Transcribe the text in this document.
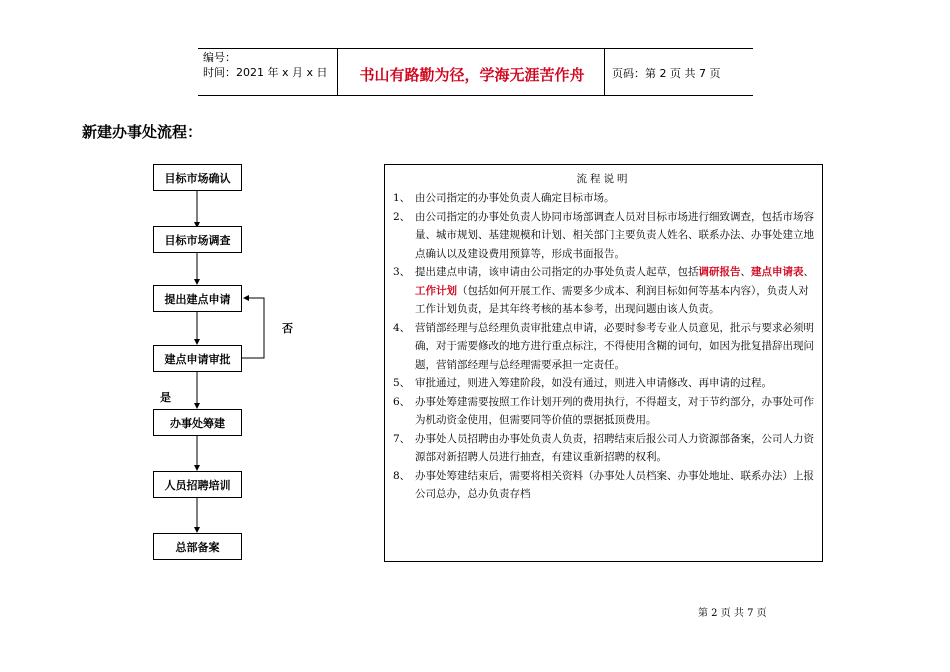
编号：
时间：2021 年 x 月 x 日	书山有路勤为径，学海无涯苦作舟	页码：第 2 页 共 7 页
新建办事处流程：
目标市场确认
目标市场调查
提出建点申请
建点申请审批
办事处筹建
人员招聘培训
总部备案
否
是
流程说明
1、 由公司指定的办事处负责人确定目标市场。
2、 由公司指定的办事处负责人协同市场部调查人员对目标市场进行细致调查，包括市场容量、城市规划、基建规模和计划、相关部门主要负责人姓名、联系办法、办事处建立地点确认以及建设费用预算等，形成书面报告。
3、 提出建点申请，该申请由公司指定的办事处负责人起草，包括调研报告、建点申请表、工作计划（包括如何开展工作、需要多少成本、利润目标如何等基本内容），负责人对工作计划负责，是其年终考核的基本参考，出现问题由该人负责。
4、 营销部经理与总经理负责审批建点申请，必要时参考专业人员意见，批示与要求必须明确，对于需要修改的地方进行重点标注，不得使用含糊的词句，如因为批复措辞出现问题，营销部经理与总经理需要承担一定责任。
5、 审批通过，则进入筹建阶段，如没有通过，则进入申请修改、再申请的过程。
6、 办事处筹建需要按照工作计划开列的费用执行，不得超支，对于节约部分，办事处可作为机动资金使用，但需要同等价值的票据抵顶费用。
7、 办事处人员招聘由办事处负责人负责，招聘结束后报公司人力资源部备案，公司人力资源部对新招聘人员进行抽查，有建议重新招聘的权利。
8、 办事处筹建结束后，需要将相关资料（办事处人员档案、办事处地址、联系办法）上报公司总办，总办负责存档
第 2 页 共 7 页
